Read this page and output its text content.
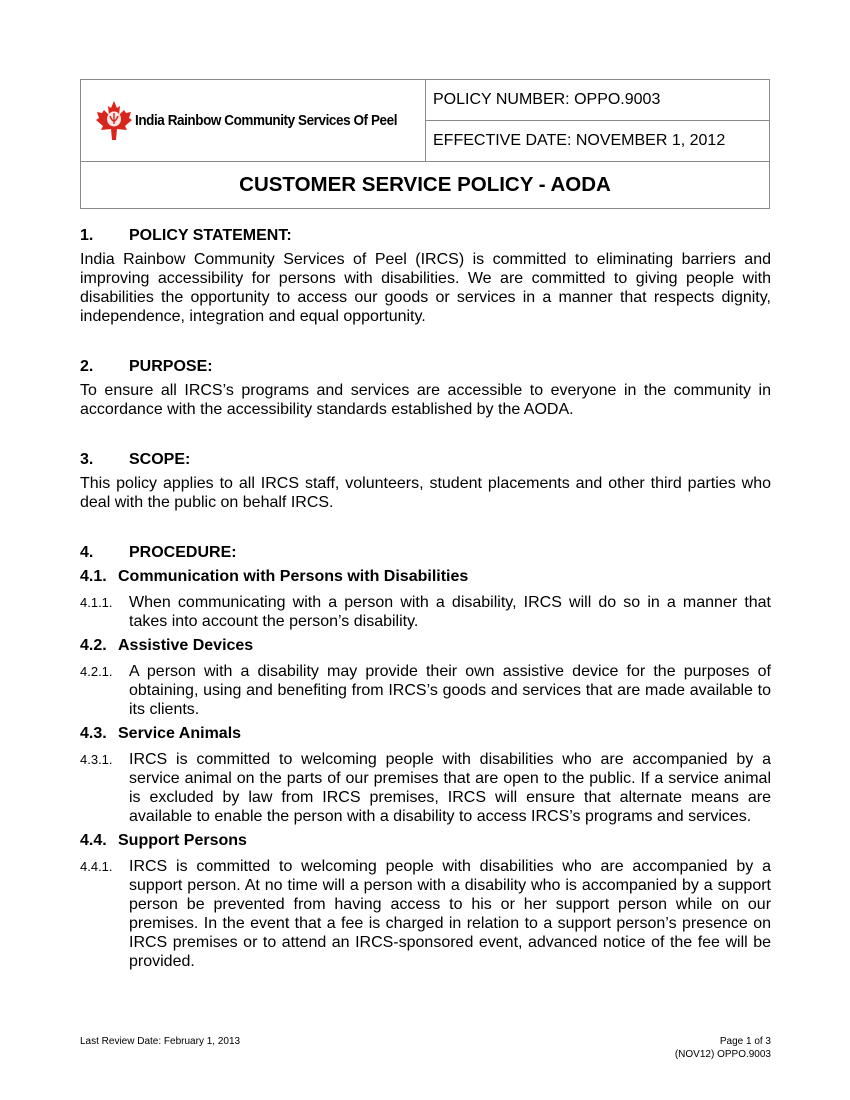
India Rainbow Community Services Of Peel
POLICY NUMBER: OPPO.9003
EFFECTIVE DATE: NOVEMBER 1, 2012
CUSTOMER SERVICE POLICY - AODA
1. POLICY STATEMENT:

India Rainbow Community Services of Peel (IRCS) is committed to eliminating barriers and improving accessibility for persons with disabilities. We are committed to giving people with disabilities the opportunity to access our goods or services in a manner that respects dignity, independence, integration and equal opportunity.

2. PURPOSE:

To ensure all IRCS’s programs and services are accessible to everyone in the community in accordance with the accessibility standards established by the AODA.

3. SCOPE:

This policy applies to all IRCS staff, volunteers, student placements and other third parties who deal with the public on behalf IRCS.

4. PROCEDURE:
4.1. Communication with Persons with Disabilities
4.1.1.	When communicating with a person with a disability, IRCS will do so in a manner that takes into account the person’s disability.
4.2. Assistive Devices
4.2.1.	A person with a disability may provide their own assistive device for the purposes of obtaining, using and benefiting from IRCS’s goods and services that are made available to its clients.
4.3. Service Animals
4.3.1.	IRCS is committed to welcoming people with disabilities who are accompanied by a service animal on the parts of our premises that are open to the public. If a service animal is excluded by law from IRCS premises, IRCS will ensure that alternate means are available to enable the person with a disability to access IRCS’s programs and services.
4.4. Support Persons
4.4.1.	IRCS is committed to welcoming people with disabilities who are accompanied by a support person. At no time will a person with a disability who is accompanied by a support person be prevented from having access to his or her support person while on our premises. In the event that a fee is charged in relation to a support person’s presence on IRCS premises or to attend an IRCS-sponsored event, advanced notice of the fee will be provided.
Last Review Date: February 1, 2013	Page 1 of 3
(NOV12) OPPO.9003
